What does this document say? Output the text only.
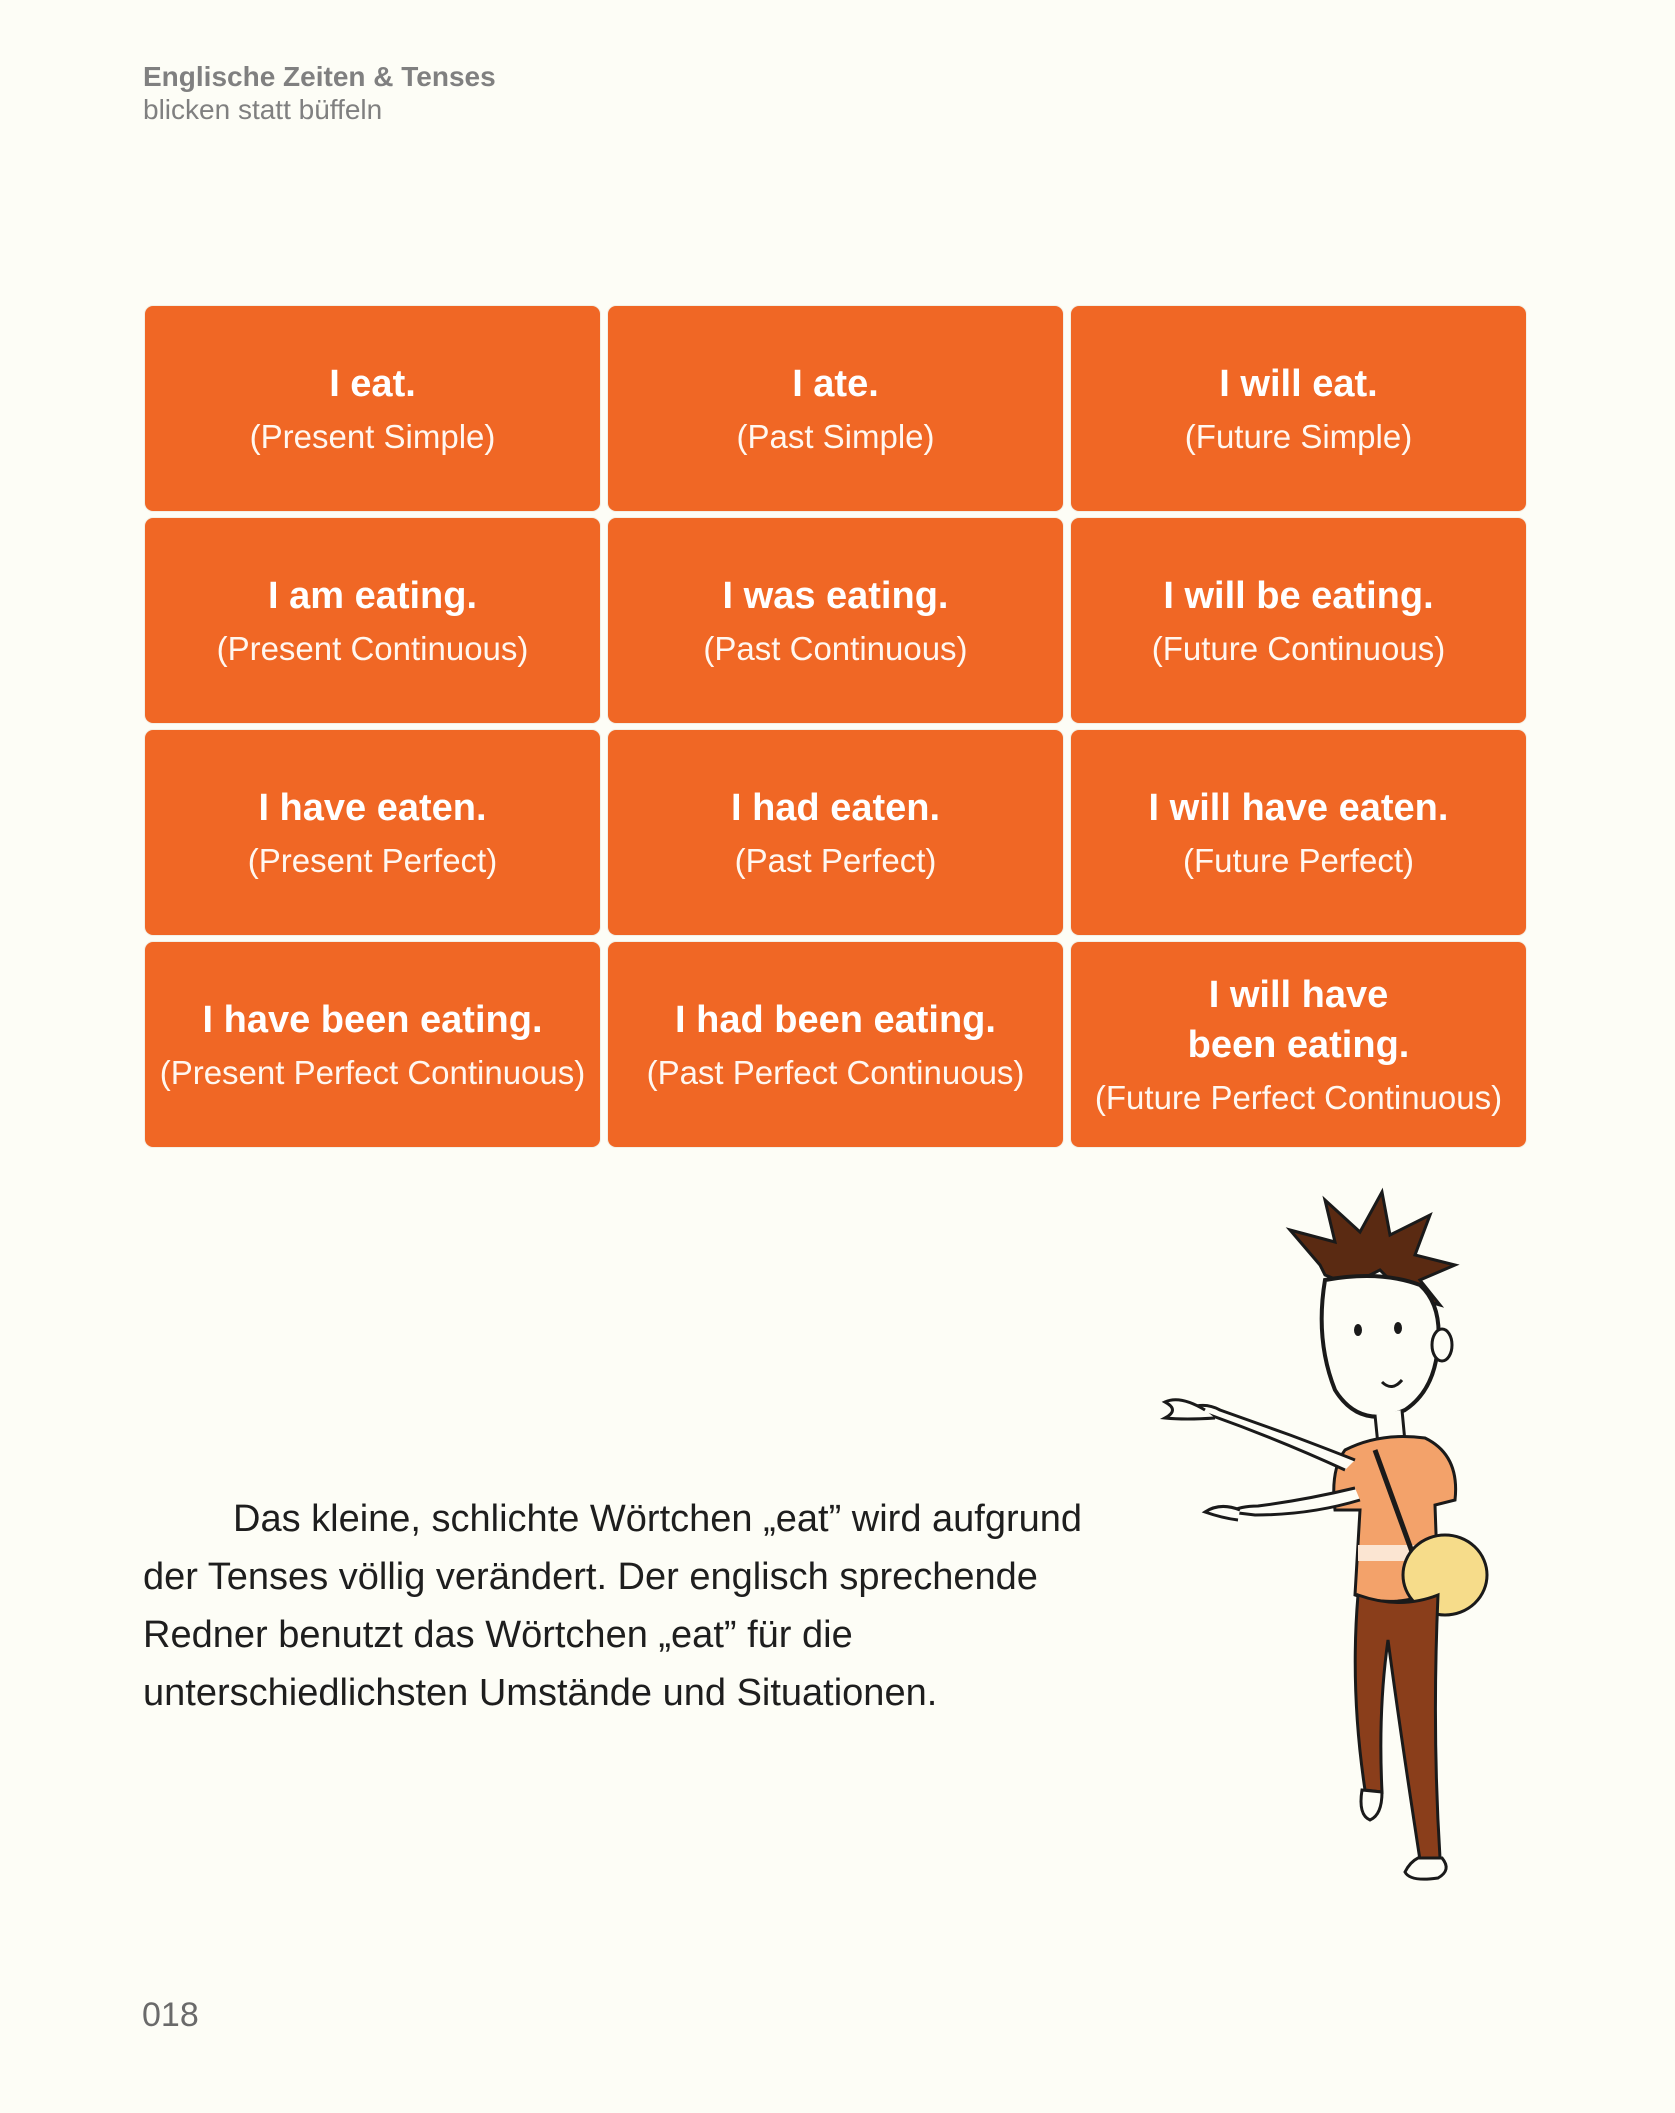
Englische Zeiten & Tenses
blicken statt büffeln
I eat.
(Present Simple)
I ate.
(Past Simple)
I will eat.
(Future Simple)
I am eating.
(Present Continuous)
I was eating.
(Past Continuous)
I will be eating.
(Future Continuous)
I have eaten.
(Present Perfect)
I had eaten.
(Past Perfect)
I will have eaten.
(Future Perfect)
I have been eating.
(Present Perfect Continuous)
I had been eating.
(Past Perfect Continuous)
I will have
been eating.
(Future Perfect Continuous)
Das kleine, schlichte Wörtchen „eat” wird aufgrund der Tenses völlig verändert. Der englisch sprechende Redner benutzt das Wörtchen „eat” für die unterschiedlichsten Umstände und Situationen.
018
